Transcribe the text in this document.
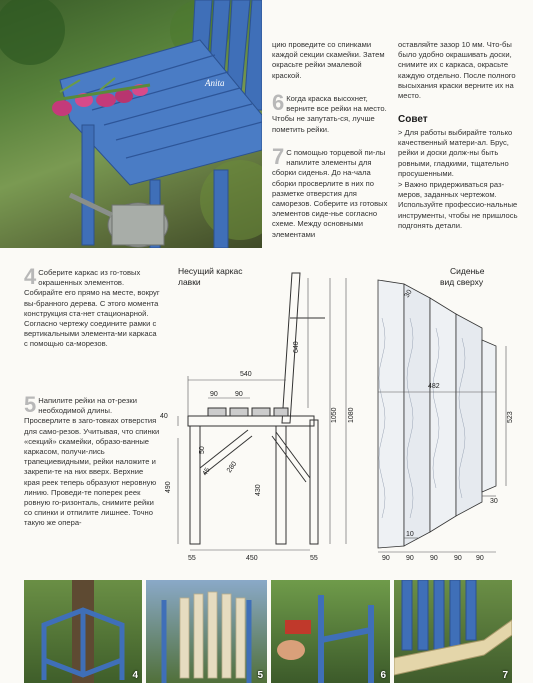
Anita
цию проведите со спинками каждой секции скамейки. Затем окрасьте рейки эмалевой краской.
6 Когда краска высохнет, верните все рейки на место. Чтобы не запутать-ся, лучше пометить рейки.
7 С помощью торцевой пи-лы напилите элементы для сборки сиденья. До на-чала сборки просверлите в них по разметке отверстия для саморезов. Соберите из готовых элементов сиде-нье согласно схеме. Между основными элементами
оставляйте зазор 10 мм. Что-бы было удобно окрашивать доски, снимите их с каркаса, окрасьте каждую отдельно. После полного высыхания краски верните их на место.
Совет
> Для работы выбирайте только качественный матери-ал. Брус, рейки и доски долж-ны быть ровными, гладкими, тщательно просушенными.
> Важно придерживаться раз-меров, заданных чертежом. Используйте профессио-нальные инструменты, чтобы не пришлось подгонять детали.
4 Соберите каркас из го-товых окрашенных элементов. Собирайте его прямо на месте, вокруг вы-бранного дерева. С этого момента конструкция ста-нет стационарной. Согласно чертежу соедините рамки с вертикальными элемента-ми каркаса с помощью са-морезов.
5 Напилите рейки на от-резки необходимой длины. Просверлите в заго-товках отверстия для само-резов. Учитывая, что спинки «секций» скамейки, образо-ванные каркасом, получи-лись трапециевидными, рейки наложите и закрепи-те на них вверх. Верхние края реек теперь образуют неровную линию. Проведи-те поперек реек ровную го-ризонталь, снимите рейки со спинки и отпилите лишнее. Точно такую же опера-
Несущий каркас
лавки
640
540
90 90
40
50
45 280
490	430
55	450	55
1050 1080
Сиденье
вид сверху
30
482
523
10
30
90 90 90 90 90
4	5	6	7
